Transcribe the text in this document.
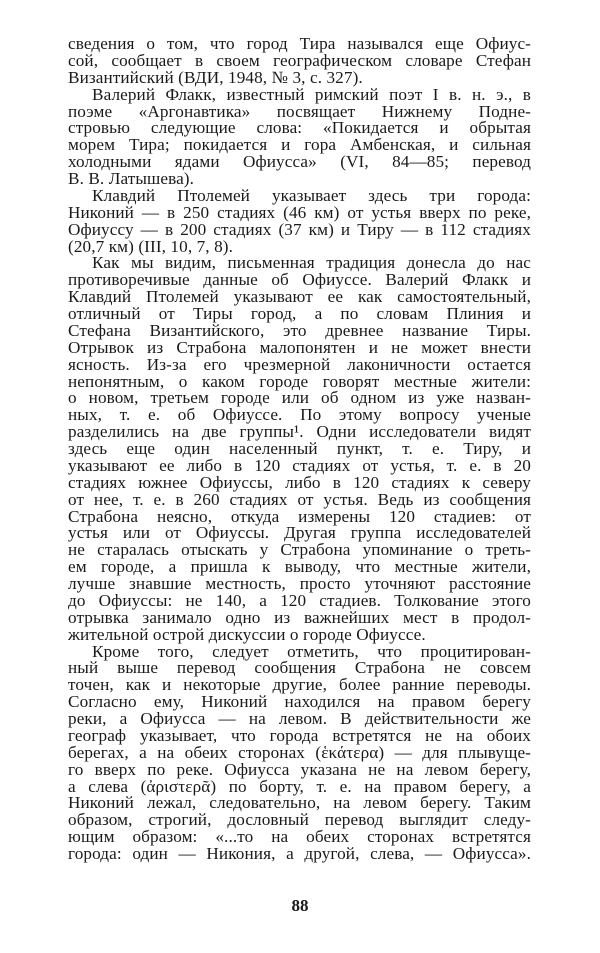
сведения о том, что город Тира назывался еще Офиус-
сой, сообщает в своем географическом словаре Стефан
Византийский (ВДИ, 1948, № 3, с. 327).
Валерий Флакк, известный римский поэт I в. н. э., в
поэме «Аргонавтика» посвящает Нижнему Подне-
стровью следующие слова: «Покидается и обрытая
морем Тира; покидается и гора Амбенская, и сильная
холодными ядами Офиусса» (VI, 84—85; перевод
В. В. Латышева).
Клавдий Птолемей указывает здесь три города:
Никоний — в 250 стадиях (46 км) от устья вверх по реке,
Офиуссу — в 200 стадиях (37 км) и Тиру — в 112 стадиях
(20,7 км) (III, 10, 7, 8).
Как мы видим, письменная традиция донесла до нас
противоречивые данные об Офиуссе. Валерий Флакк и
Клавдий Птолемей указывают ее как самостоятельный,
отличный от Тиры город, а по словам Плиния и
Стефана Византийского, это древнее название Тиры.
Отрывок из Страбона малопонятен и не может внести
ясность. Из-за его чрезмерной лаконичности остается
непонятным, о каком городе говорят местные жители:
о новом, третьем городе или об одном из уже назван-
ных, т. е. об Офиуссе. По этому вопросу ученые
разделились на две группы¹. Одни исследователи видят
здесь еще один населенный пункт, т. е. Тиру, и
указывают ее либо в 120 стадиях от устья, т. е. в 20
стадиях южнее Офиуссы, либо в 120 стадиях к северу
от нее, т. е. в 260 стадиях от устья. Ведь из сообщения
Страбона неясно, откуда измерены 120 стадиев: от
устья или от Офиуссы. Другая группа исследователей
не старалась отыскать у Страбона упоминание о треть-
ем городе, а пришла к выводу, что местные жители,
лучше знавшие местность, просто уточняют расстояние
до Офиуссы: не 140, а 120 стадиев. Толкование этого
отрывка занимало одно из важнейших мест в продол-
жительной острой дискуссии о городе Офиуссе.
Кроме того, следует отметить, что процитирован-
ный выше перевод сообщения Страбона не совсем
точен, как и некоторые другие, более ранние переводы.
Согласно ему, Никоний находился на правом берегу
реки, а Офиусса — на левом. В действительности же
географ указывает, что города встретятся не на обоих
берегах, а на обеих сторонах (ἑκάτερα) — для плывуще-
го вверх по реке. Офиусса указана не на левом берегу,
а слева (ἀριστερᾶ) по борту, т. е. на правом берегу, а
Никоний лежал, следовательно, на левом берегу. Таким
образом, строгий, дословный перевод выглядит следу-
ющим образом: «...то на обеих сторонах встретятся
города: один — Никония, а другой, слева, — Офиусса».
88
